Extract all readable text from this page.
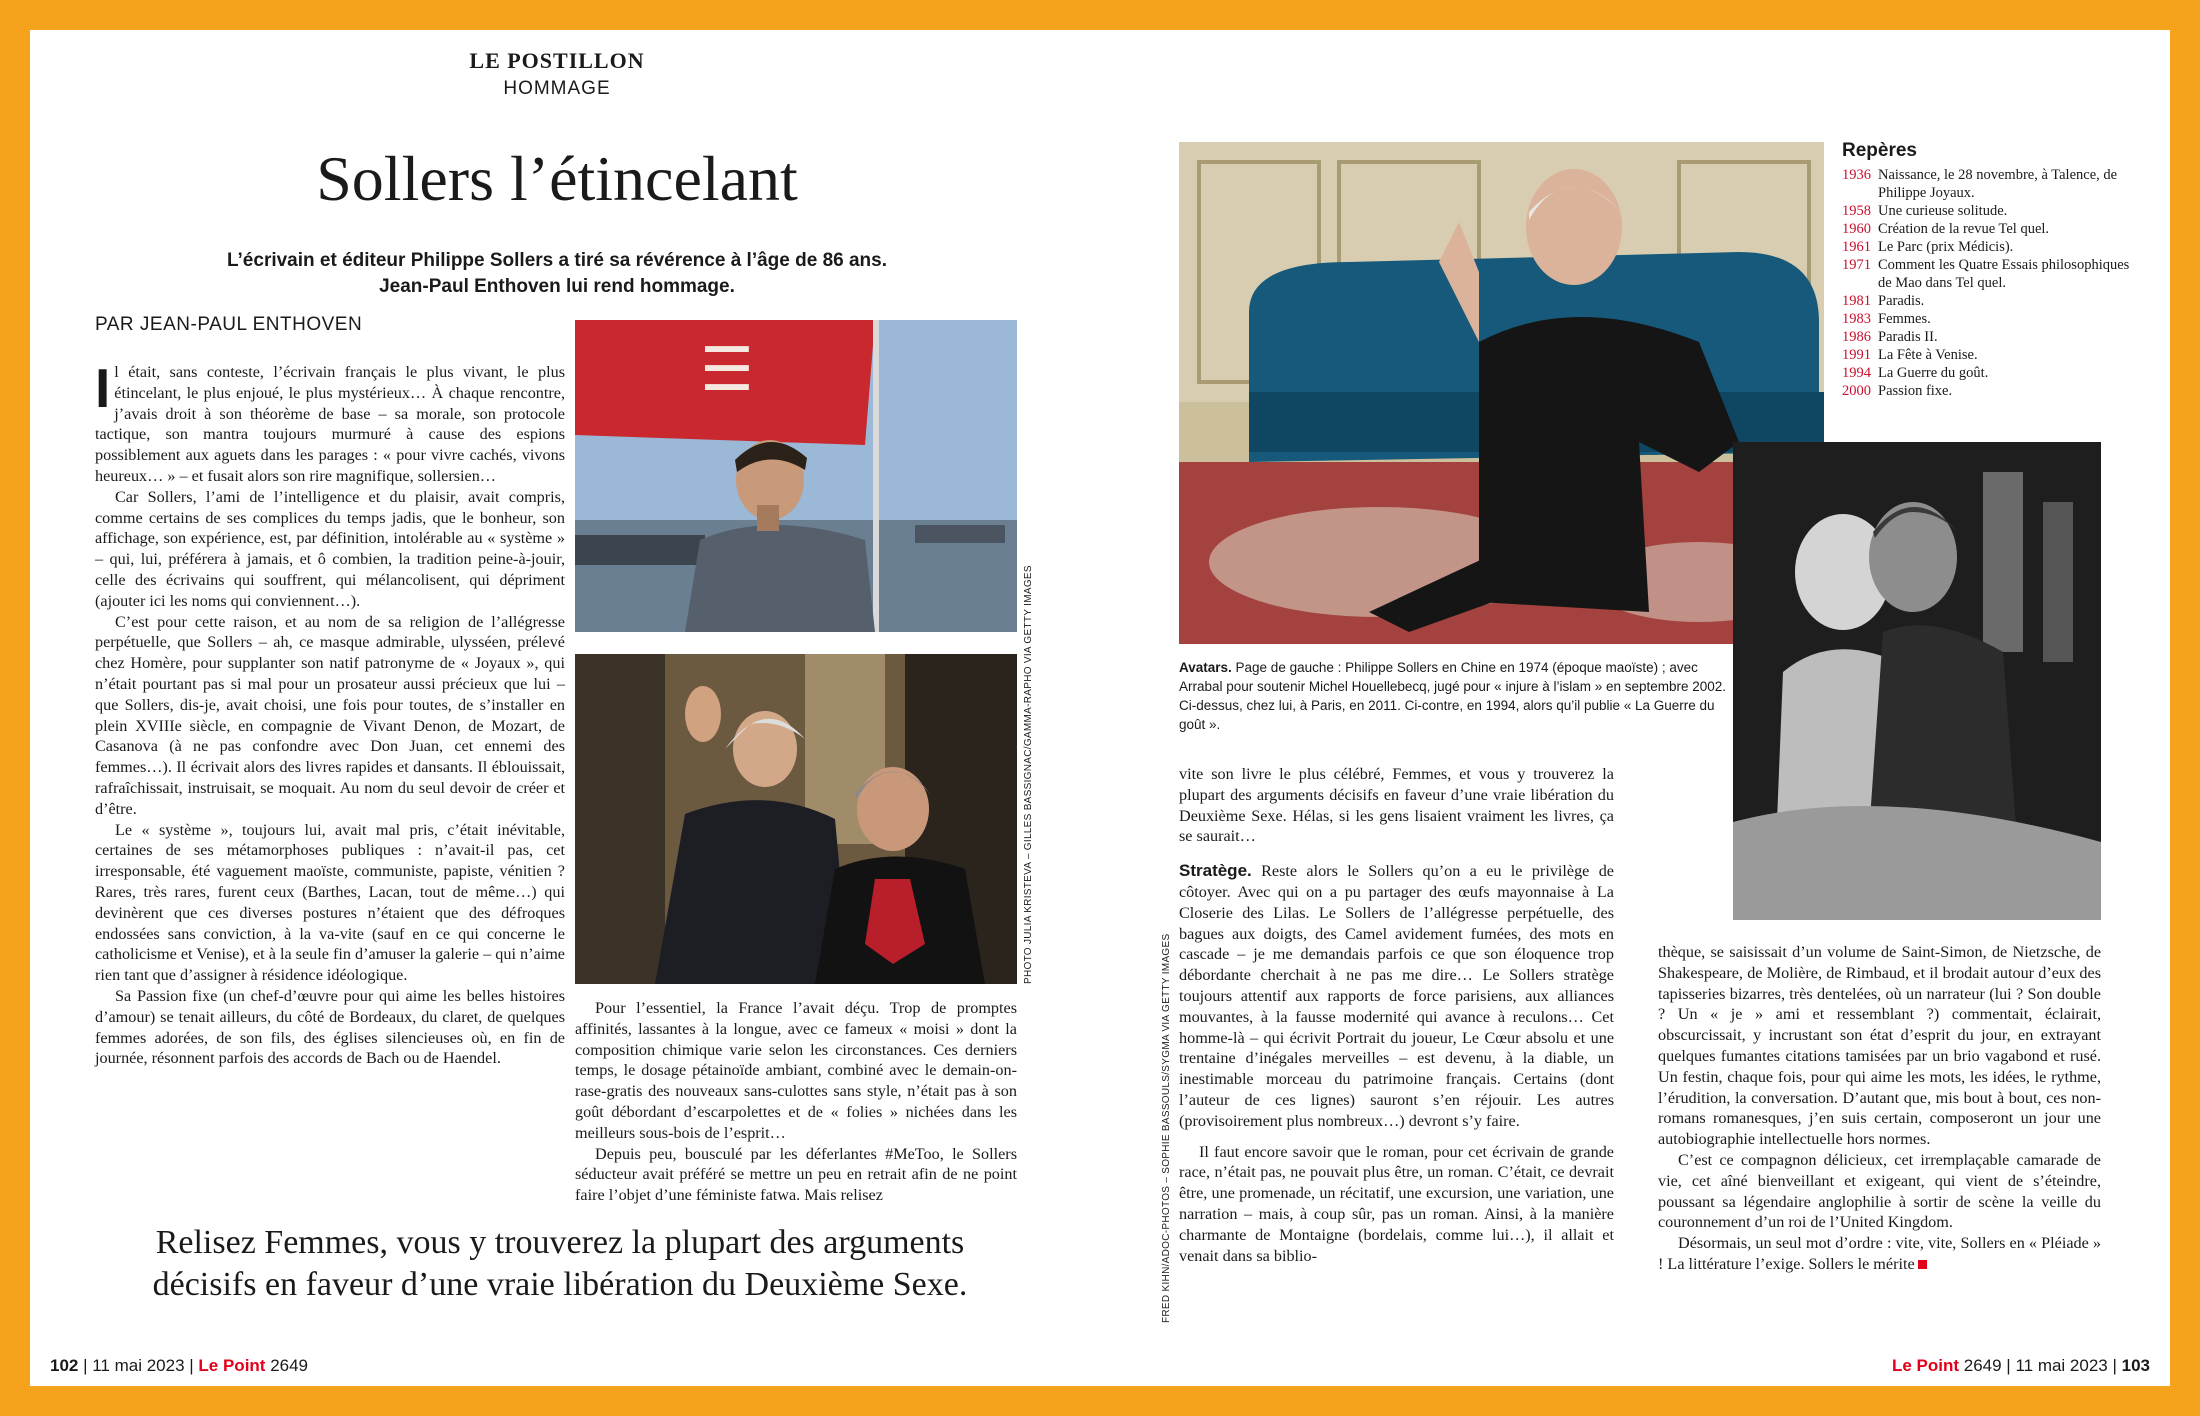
LE POSTILLON
HOMMAGE
Sollers l’étincelant
L’écrivain et éditeur Philippe Sollers a tiré sa révérence à l’âge de 86 ans.
Jean-Paul Enthoven lui rend hommage.
PAR JEAN-PAUL ENTHOVEN

Il était, sans conteste, l’écrivain français le plus vivant, le plus étincelant, le plus enjoué, le plus mystérieux… À chaque rencontre, j’avais droit à son théorème de base – sa morale, son protocole tactique, son mantra toujours murmuré à cause des espions possiblement aux aguets dans les parages : « pour vivre cachés, vivons heureux… » – et fusait alors son rire magnifique, sollersien…

Car Sollers, l’ami de l’intelligence et du plaisir, avait compris, comme certains de ses complices du temps jadis, que le bonheur, son affichage, son expérience, est, par définition, intolérable au « système » – qui, lui, préférera à jamais, et ô combien, la tradition peine-à-jouir, celle des écrivains qui souffrent, qui mélancolisent, qui dépriment (ajouter ici les noms qui conviennent…).

C’est pour cette raison, et au nom de sa religion de l’allégresse perpétuelle, que Sollers – ah, ce masque admirable, ulysséen, prélevé chez Homère, pour supplanter son natif patronyme de « Joyaux », qui n’était pourtant pas si mal pour un prosateur aussi précieux que lui – que Sollers, dis-je, avait choisi, une fois pour toutes, de s’installer en plein XVIIIe siècle, en compagnie de Vivant Denon, de Mozart, de Casanova (à ne pas confondre avec Don Juan, cet ennemi des femmes…). Il écrivait alors des livres rapides et dansants. Il éblouissait, rafraîchissait, instruisait, se moquait. Au nom du seul devoir de créer et d’être.

Le « système », toujours lui, avait mal pris, c’était inévitable, certaines de ses métamorphoses publiques : n’avait-il pas, cet irresponsable, été vaguement maoïste, communiste, papiste, vénitien ? Rares, très rares, furent ceux (Barthes, Lacan, tout de même…) qui devinèrent que ces diverses postures n’étaient que des défroques endossées sans conviction, à la va-vite (sauf en ce qui concerne le catholicisme et Venise), et à la seule fin d’amuser la galerie – qui n’aime rien tant que d’assigner à résidence idéologique.

Sa Passion fixe (un chef-d’œuvre pour qui aime les belles histoires d’amour) se tenait ailleurs, du côté de Bordeaux, du claret, de quelques femmes adorées, de son fils, des églises silencieuses où, en fin de journée, résonnent parfois des accords de Bach ou de Haendel.

☰
PHOTO JULIA KRISTEVA – GILLES BASSIGNAC/GAMMA-RAPHO VIA GETTY IMAGES

Pour l’essentiel, la France l’avait déçu. Trop de promptes affinités, lassantes à la longue, avec ce fameux « moisi » dont la composition chimique varie selon les circonstances. Ces derniers temps, le dosage pétainoïde ambiant, combiné avec le demain-on-rase-gratis des nouveaux sans-culottes sans style, n’était pas à son goût débordant d’escarpolettes et de « folies » nichées dans les meilleurs sous-bois de l’esprit…

Depuis peu, bousculé par les déferlantes #MeToo, le Sollers séducteur avait préféré se mettre un peu en retrait afin de ne point faire l’objet d’une féministe fatwa. Mais relisez

Relisez Femmes, vous y trouverez la plupart des arguments
décisifs en faveur d’une vraie libération du Deuxième Sexe.
102 | 11 mai 2023 | Le Point 2649
Avatars. Page de gauche : Philippe Sollers en Chine en 1974 (époque maoïste) ; avec Arrabal pour soutenir Michel Houellebecq, jugé pour « injure à l’islam » en septembre 2002. Ci-dessus, chez lui, à Paris, en 2011. Ci-contre, en 1994, alors qu’il publie « La Guerre du goût ».
Repères
1936 Naissance, le 28 novembre, à Talence, de Philippe Joyaux.
1958 Une curieuse solitude.
1960 Création de la revue Tel quel.
1961 Le Parc (prix Médicis).
1971 Comment les Quatre Essais philosophiques de Mao dans Tel quel.
1981 Paradis.
1983 Femmes.
1986 Paradis II.
1991 La Fête à Venise.
1994 La Guerre du goût.
2000 Passion fixe.
FRED KIHN/ADOC-PHOTOS – SOPHIE BASSOULS/SYGMA VIA GETTY IMAGES

vite son livre le plus célébré, Femmes, et vous y trouverez la plupart des arguments décisifs en faveur d’une vraie libération du Deuxième Sexe. Hélas, si les gens lisaient vraiment les livres, ça se saurait…

Stratège. Reste alors le Sollers qu’on a eu le privilège de côtoyer. Avec qui on a pu partager des œufs mayonnaise à La Closerie des Lilas. Le Sollers de l’allégresse perpétuelle, des bagues aux doigts, des Camel avidement fumées, des mots en cascade – je me demandais parfois ce que son éloquence trop débordante cherchait à ne pas me dire… Le Sollers stratège toujours attentif aux rapports de force parisiens, aux alliances mouvantes, à la fausse modernité qui avance à reculons… Cet homme-là – qui écrivit Portrait du joueur, Le Cœur absolu et une trentaine d’inégales merveilles – est devenu, à la diable, un inestimable morceau du patrimoine français. Certains (dont l’auteur de ces lignes) sauront s’en réjouir. Les autres (provisoirement plus nombreux…) devront s’y faire.

Il faut encore savoir que le roman, pour cet écrivain de grande race, n’était pas, ne pouvait plus être, un roman. C’était, ce devrait être, une promenade, un récitatif, une excursion, une variation, une narration – mais, à coup sûr, pas un roman. Ainsi, à la manière charmante de Montaigne (bordelais, comme lui…), il allait et venait dans sa biblio-

thèque, se saisissait d’un volume de Saint-Simon, de Nietzsche, de Shakespeare, de Molière, de Rimbaud, et il brodait autour d’eux des tapisseries bizarres, très dentelées, où un narrateur (lui ? Son double ? Un « je » ami et ressemblant ?) commentait, éclairait, obscurcissait, y incrustant son état d’esprit du jour, en extrayant quelques fumantes citations tamisées par un brio vagabond et rusé. Un festin, chaque fois, pour qui aime les mots, les idées, le rythme, l’érudition, la conversation. D’autant que, mis bout à bout, ces non-romans romanesques, j’en suis certain, composeront un jour une autobiographie intellectuelle hors normes.

C’est ce compagnon délicieux, cet irremplaçable camarade de vie, cet aîné bienveillant et exigeant, qui vient de s’éteindre, poussant sa légendaire anglophilie à sortir de scène la veille du couronnement d’un roi de l’United Kingdom.

Désormais, un seul mot d’ordre : vite, vite, Sollers en « Pléiade » ! La littérature l’exige. Sollers le mérite

Le Point 2649 | 11 mai 2023 | 103
